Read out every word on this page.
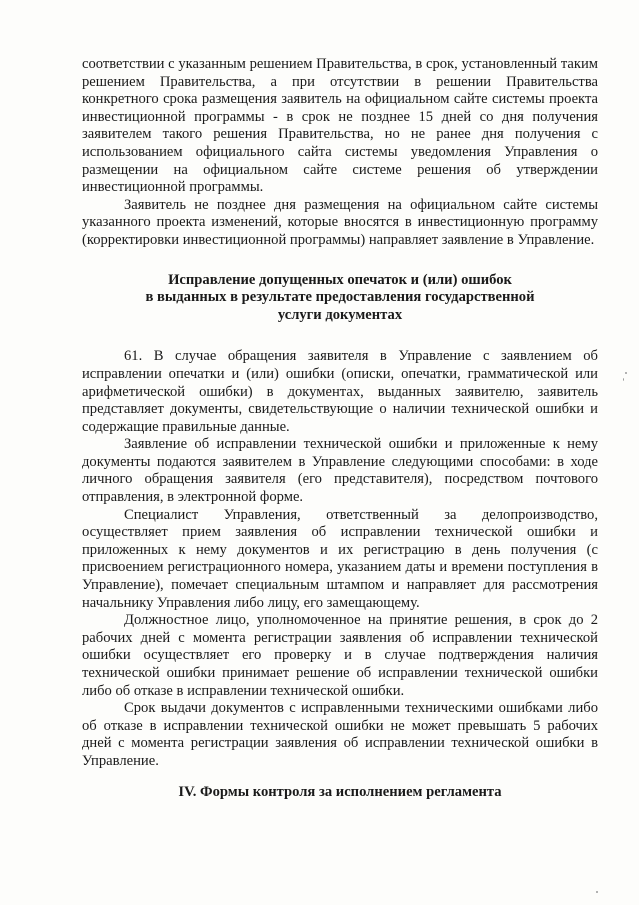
соответствии с указанным решением Правительства, в срок, установленный таким решением Правительства, а при отсутствии в решении Правительства конкретного срока размещения заявитель на официальном сайте системы проекта инвестиционной программы - в срок не позднее 15 дней со дня получения заявителем такого решения Правительства, но не ранее дня получения с использованием официального сайта системы уведомления Управления о размещении на официальном сайте системе решения об утверждении инвестиционной программы.

Заявитель не позднее дня размещения на официальном сайте системы указанного проекта изменений, которые вносятся в инвестиционную программу (корректировки инвестиционной программы) направляет заявление в Управление.

Исправление допущенных опечаток и (или) ошибок

в выданных в результате предоставления государственной

услуги документах

61. В случае обращения заявителя в Управление с заявлением об исправлении опечатки и (или) ошибки (описки, опечатки, грамматической или арифметической ошибки) в документах, выданных заявителю, заявитель представляет документы, свидетельствующие о наличии технической ошибки и содержащие правильные данные.

Заявление об исправлении технической ошибки и приложенные к нему документы подаются заявителем в Управление следующими способами: в ходе личного обращения заявителя (его представителя), посредством почтового отправления, в электронной форме.

Специалист Управления, ответственный за делопроизводство, осуществляет прием заявления об исправлении технической ошибки и приложенных к нему документов и их регистрацию в день получения (с присвоением регистрационного номера, указанием даты и времени поступления в Управление), помечает специальным штампом и направляет для рассмотрения начальнику Управления либо лицу, его замещающему.

Должностное лицо, уполномоченное на принятие решения, в срок до 2 рабочих дней с момента регистрации заявления об исправлении технической ошибки осуществляет его проверку и в случае подтверждения наличия технической ошибки принимает решение об исправлении технической ошибки либо об отказе в исправлении технической ошибки.

Срок выдачи документов с исправленными техническими ошибками либо об отказе в исправлении технической ошибки не может превышать 5 рабочих дней с момента регистрации заявления об исправлении технической ошибки в Управление.

IV. Формы контроля за исполнением регламента
